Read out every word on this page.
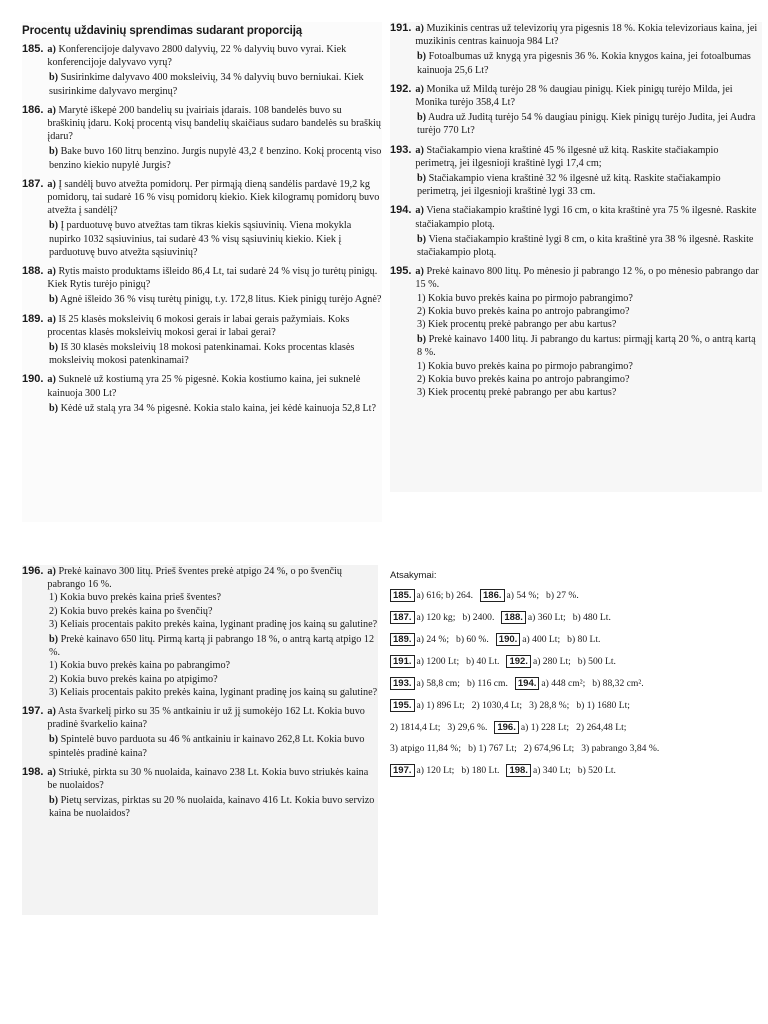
Procentų uždavinių sprendimas sudarant proporciją
185. a) Konferencijoje dalyvavo 2800 dalyvių, 22 % dalyvių buvo vyrai. Kiek konferencijoje dalyvavo vyrų?
b) Susirinkime dalyvavo 400 moksleivių, 34 % dalyvių buvo berniukai. Kiek susirinkime dalyvavo merginų?
186. a) Marytė iškepė 200 bandelių su įvairiais įdarais. 108 bandelės buvo su braškinių įdaru. Kokį procentą visų bandelių skaičiaus sudaro bandelės su braškių įdaru?
b) Bake buvo 160 litrų benzino. Jurgis nupylė 43,2 ℓ benzino. Kokį procentą viso benzino kiekio nupylė Jurgis?
187. a) Į sandėlį buvo atvežta pomidorų. Per pirmąją dieną sandėlis pardavė 19,2 kg pomidorų, tai sudarė 16 % visų pomidorų kiekio. Kiek kilogramų pomidorų buvo atvežta į sandėlį?
b) Į parduotuvę buvo atvežtas tam tikras kiekis sąsiuvinių. Viena mokykla nupirko 1032 sąsiuvinius, tai sudarė 43 % visų sąsiuvinių kiekio. Kiek į parduotuvę buvo atvežta sąsiuvinių?
188. a) Rytis maisto produktams išleido 86,4 Lt, tai sudarė 24 % visų jo turėtų pinigų. Kiek Rytis turėjo pinigų?
b) Agnė išleido 36 % visų turėtų pinigų, t.y. 172,8 litus. Kiek pinigų turėjo Agnė?
189. a) Iš 25 klasės moksleivių 6 mokosi gerais ir labai gerais pažymiais. Koks procentas klasės moksleivių mokosi gerai ir labai gerai?
b) Iš 30 klasės moksleivių 18 mokosi patenkinamai. Koks procentas klasės moksleivių mokosi patenkinamai?
190. a) Suknelė už kostiumą yra 25 % pigesnė. Kokia kostiumo kaina, jei suknelė kainuoja 300 Lt?
b) Kėdė už stalą yra 34 % pigesnė. Kokia stalo kaina, jei kėdė kainuoja 52,8 Lt?
191. a) Muzikinis centras už televizorių yra pigesnis 18 %. Kokia televizoriaus kaina, jei muzikinis centras kainuoja 984 Lt?
b) Fotoalbumas už knygą yra pigesnis 36 %. Kokia knygos kaina, jei fotoalbumas kainuoja 25,6 Lt?
192. a) Monika už Mildą turėjo 28 % daugiau pinigų. Kiek pinigų turėjo Milda, jei Monika turėjo 358,4 Lt?
b) Audra už Juditą turėjo 54 % daugiau pinigų. Kiek pinigų turėjo Judita, jei Audra turėjo 770 Lt?
193. a) Stačiakampio viena kraštinė 45 % ilgesnė už kitą. Raskite stačiakampio perimetrą, jei ilgesnioji kraštinė lygi 17,4 cm;
b) Stačiakampio viena kraštinė 32 % ilgesnė už kitą. Raskite stačiakampio perimetrą, jei ilgesnioji kraštinė lygi 33 cm.
194. a) Viena stačiakampio kraštinė lygi 16 cm, o kita kraštinė yra 75 % ilgesnė. Raskite stačiakampio plotą.
b) Viena stačiakampio kraštinė lygi 8 cm, o kita kraštinė yra 38 % ilgesnė. Raskite stačiakampio plotą.
195. a) Prekė kainavo 800 litų. Po mėnesio ji pabrango 12 %, o po mėnesio pabrango dar 15 %.
1) Kokia buvo prekės kaina po pirmojo pabrangimo?
2) Kokia buvo prekės kaina po antrojo pabrangimo?
3) Kiek procentų prekė pabrango per abu kartus?
b) Prekė kainavo 1400 litų. Ji pabrango du kartus: pirmąjį kartą 20 %, o antrą kartą 8 %.
1) Kokia buvo prekės kaina po pirmojo pabrangimo?
2) Kokia buvo prekės kaina po antrojo pabrangimo?
3) Kiek procentų prekė pabrango per abu kartus?
196. a) Prekė kainavo 300 litų. Prieš šventes prekė atpigo 24 %, o po švenčių pabrango 16 %.
1) Kokia buvo prekės kaina prieš šventes?
2) Kokia buvo prekės kaina po švenčių?
3) Keliais procentais pakito prekės kaina, lyginant pradinę jos kainą su galutine?
b) Prekė kainavo 650 litų. Pirmą kartą ji pabrango 18 %, o antrą kartą atpigo 12 %.
1) Kokia buvo prekės kaina po pabrangimo?
2) Kokia buvo prekės kaina po atpigimo?
3) Keliais procentais pakito prekės kaina, lyginant pradinę jos kainą su galutine?
197. a) Asta švarkelį pirko su 35 % antkainiu ir už jį sumokėjo 162 Lt. Kokia buvo pradinė švarkelio kaina?
b) Spintelė buvo parduota su 46 % antkainiu ir kainavo 262,8 Lt. Kokia buvo spintelės pradinė kaina?
198. a) Striukė, pirkta su 30 % nuolaida, kainavo 238 Lt. Kokia buvo striukės kaina be nuolaidos?
b) Pietų servizas, pirktas su 20 % nuolaida, kainavo 416 Lt. Kokia buvo servizo kaina be nuolaidos?
Atsakymai:
185. a) 616; b) 264. 186. a) 54 %; b) 27 %.
187. a) 120 kg; b) 2400. 188. a) 360 Lt; b) 480 Lt.
189. a) 24 %; b) 60 %. 190. a) 400 Lt; b) 80 Lt.
191. a) 1200 Lt; b) 40 Lt. 192. a) 280 Lt; b) 500 Lt.
193. a) 58,8 cm; b) 116 cm. 194. a) 448 cm²; b) 88,32 cm².
195. a) 1) 896 Lt; 2) 1030,4 Lt; 3) 28,8 %; b) 1) 1680 Lt;
2) 1814,4 Lt; 3) 29,6 %. 196. a) 1) 228 Lt; 2) 264,48 Lt;
3) atpigo 11,84 %; b) 1) 767 Lt; 2) 674,96 Lt; 3) pabrango 3,84 %.
197. a) 120 Lt; b) 180 Lt. 198. a) 340 Lt; b) 520 Lt.
